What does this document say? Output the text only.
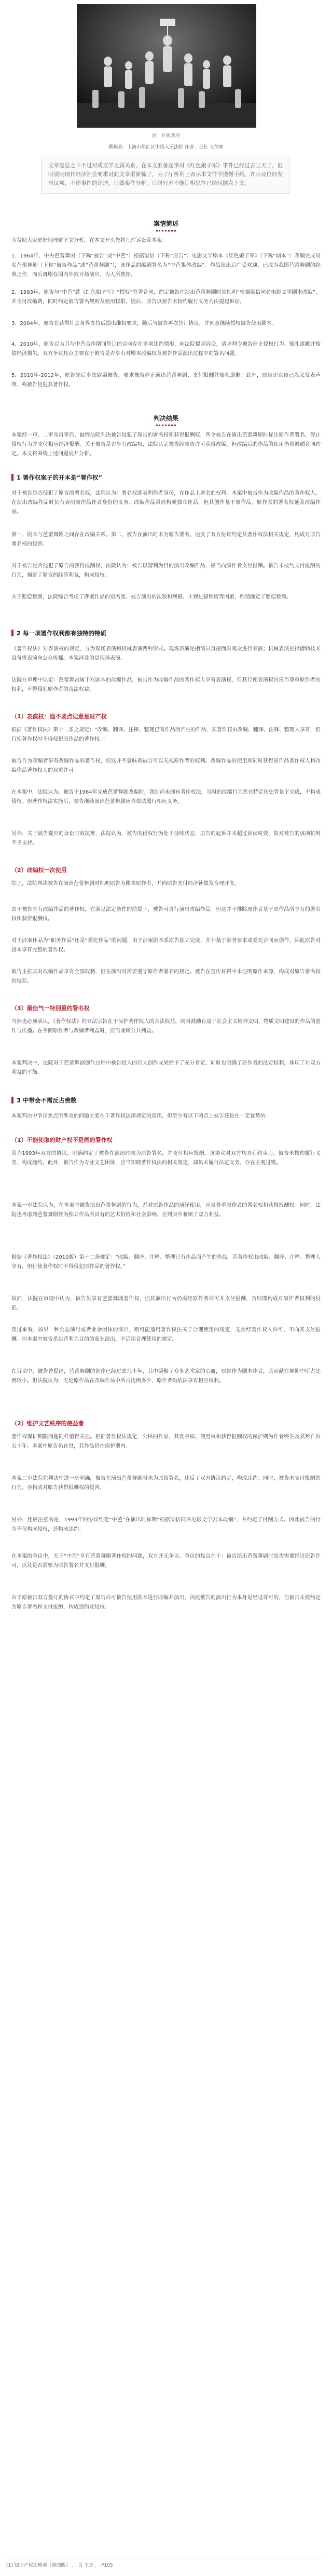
图：样板戏照
撰稿者：上海市徐汇区中级人民法院 作者：金长 人律师

文章起总之下不过对成文学无属关系，在本文准备起事对《红色娘子军》事件已经过去三天了，但时说明现代经济社会要求对此文章重新梳了，为了厅析利上表示本文件中遵循手约，许示及位经发出议项，不作事件的评述，只做案件分析，只研究本不能订相思存已经问题点上文。

案情简述

为帮助大家更好地理解下文分析，在本文开头先将几件诉讼及本案：

1．1964年，中央芭蕾舞团（下称“被告”或“中芭”）根据梁信（下称“原告”）电影文学剧本《红色娘子军》（下称“剧本”）改编完成同名芭蕾舞剧（下称“被告作品”或“芭蕾舞剧”），该作品的编剧署名为“中芭集体改编”。作品演出后广受欢迎，已成为我国芭蕾舞剧的经典之作，而后舞剧在国内外数百场演出，为人所熟知。

2．1993年，原告与“中芭”就《红色娘子军》“授权”签署合同，约定被告在演出芭蕾舞剧时须标明“根据梁信同名电影文学剧本改编”，并支付改编费，同时约定被告署名规则及使用权限。随后，原告以被告未按约履行义务为由提起诉讼。

3．2004年，原告在获得社会各界支持后提出维权要求，随后与被告再次签订协议，并同意继续授权被告使用剧本。

4．2010年，原告以为其与中芭合作期间签订的合同存在多项违约情形，向法院提起诉讼，请求判令被告停止侵权行为、赔礼道歉并赔偿经济损失。双方争议焦点主要在于被告是否享有对剧本改编权及被告作品演出过程中的署名问题。

5．2010年-2012年，原告先后多次致函被告，要求被告停止演出芭蕾舞剧、支付报酬并赔礼道歉；此外，原告还以自己名义发表声明，称被告侵犯其著作权。

判决结果

本案经一审、二审及再审后，最终法院判决被告侵犯了原告的署名权和获得报酬权，判令被告在演出芭蕾舞剧时标注原作者署名、停止侵权行为并支付相应经济报酬。关于被告是否享有改编权，法院认定被告经原告许可获得改编，但改编后的作品的使用仍须遵循合同约定。本文将围绕上述问题展开分析。

1 署作权案子的开本是“署作权”

对于被告是否侵犯了原告的署名权，法院认为：署名权即表明作者身份，在作品上署名的权利。本案中被告作为改编作品的著作权人，在演出改编作品时负有表明原作品作者身份的义务。改编作品虽然构成独立作品，但其创作基于原作品，原作者的署名权延及改编作品。

第一，剧本与芭蕾舞剧之间存在改编关系。第二，被告在演出时未为原告署名，违反了双方协议约定及著作权法相关规定，构成对原告署名权的侵害。

对于被告是否侵犯了原告的获得报酬权，法院认为：被告以营利为目的演出改编作品，应当向原作者支付报酬。被告未按约支付报酬的行为，损害了原告的经济利益，构成侵权。

关于赔偿数额，法院综合考虑了涉案作品的知名度、被告演出的次数和规模、主观过错程度等因素，酌情确定了赔偿数额。

2 每一项署作权利都有独特的特质

《著作权法》对表演权的规定，分为现场表演和机械表演两种形式。现场表演是指演员直接面对观众进行表演；机械表演是指借助技术设备将表演向公众传播。本案涉及的是现场表演。

法院在审理中认定：芭蕾舞剧属于对剧本的改编作品，被告作为改编作品的著作权人享有表演权，但其行使表演权时应当尊重原作者的权利，不得侵犯原作者的合法权益。

（1）表演权：通不要点记意是财产权

根据《著作权法》第十二条之规定：“改编、翻译、注释、整理已有作品而产生的作品，其著作权由改编、翻译、注释、整理人享有，但行使著作权时不得侵犯原作品的著作权。”

被告作为改编者享有改编作品的著作权，但这并不意味着被告可以无视原作者的权利。改编作品的使用须同时获得原作品著作权人和改编作品著作权人的双重许可。

在本案中，法院认为，被告于1964年完成芭蕾舞剧改编时，我国尚未颁布著作权法，当时的改编行为系在特定历史背景下完成，不构成侵权。但著作权法实施后，被告继续演出芭蕾舞剧应当依法履行相应义务。

另外，关于被告提出的诉讼时效抗辩，法院认为，被告的侵权行为处于持续状态，原告的起诉并未超过诉讼时效，故对被告的该项抗辩不予支持。

（2）改编权一次使用

综上，法院判决被告在演出芭蕾舞剧时标明原告为剧本原作者，并向原告支付经济补偿及合理开支。

由于被告享有改编作品的著作权，在满足法定条件的前提下，被告可自行演出改编作品。但这并不排除原作者基于原作品所享有的署名权和获得报酬权。

对于涉案作品为“职务作品”还是“委托作品”的问题，由于涉案剧本系原告独立完成，并非基于职务要求或委托合同而创作，因此原告对剧本享有完整的著作权。

被告主张其对改编作品享有全部权利，但在演出时需要遵守原作者署名的规定。被告在宣传材料中未注明原作来源，构成对原告署名权的侵犯。

（3）最佳气一特别重的署名权

当然也必须承认，《著作权法》的立法宗旨在于保护著作权人的合法权益，同时鼓励有益于社会主义精神文明、物质文明建设的作品的创作与传播。在平衡原作者与改编者利益时，应当兼顾公共利益。

本案判决中，法院对于芭蕾舞剧创作过程中被告投入的巨大创作成果给予了充分肯定，同时也明确了原作者的法定权利，体现了对双方利益的平衡。

3 中带会不需反占费数

本案判决中争议焦点所涉及的问题主要在于著作权法律规定的适用，但至少有以下两点上被告还是在一定优势的：

（1）不能使取的财产权不是画的署作权

因为1993年双方的协议，明确约定了被告在演出时须为原告署名，并支付相应报酬。该协议对双方均具有约束力，被告未按约履行义务，构成违约。此外，被告作为专业文艺团体，应当知晓著作权法的相关规定，却仍未履行法定义务，存在主观过错。

本案一审法院认为，在本案中被告演出芭蕾舞剧的行为，系对原告作品的演绎使用，应当尊重原作者的署名权和获得报酬权。同时，法院也考虑到芭蕾舞剧作为独立作品所具有的艺术价值和社会影响，在判决中兼顾了双方利益。

根据《著作权法》（2010版）第十二条规定：“改编、翻译、注释、整理已有作品而产生的作品，其著作权由改编、翻译、注释、整理人享有，但行使著作权时不得侵犯原作品的著作权。”

故而，法院在审理中认为，被告虽享有芭蕾舞剧著作权，但其演出行为仍需经原作者许可并支付报酬，否则即构成对原作者权利的侵犯。

反过来看，如果一种公益演出或者业余团体的演出，则可能适用著作权法关于合理使用的规定，无需经著作权人许可，不向其支付报酬。但本案中被告系以营利为目的的商业演出，不适用合理使用的规定。

在诉讼中，被告曾提出，芭蕾舞剧的创作已经过去几十年，其中凝聚了众多艺术家的心血，原告作为剧本作者，其贡献在舞剧中所占比例较小。但法院认为，无论原作品在改编作品中所占比例多少，原作者均依法享有相应权利。

（2）维护文艺秩序的使益者

著作权保护期限问题同样值得关注。根据著作权法规定，公民的作品，其发表权、使用权和获得报酬权的保护期为作者终生及其死亡后五十年。本案中原告仍在世，其作品仍在保护期内。

本案二审法院在判决中进一步明确，被告在演出芭蕾舞剧时未为原告署名，违反了双方协议约定，构成违约；同时，被告未支付报酬的行为，亦构成对原告获得报酬权的侵害。

另外，还应注意的是，1993年的协议约定“中芭”在演出时标明“根据梁信同名电影文学剧本改编”，并约定了付酬方式。因此被告的行为不仅构成侵权，还构成违约。

在本案的争议中，关于“中芭”享有芭蕾舞剧著作权的问题，双方并无争议。争议的焦点在于：被告演出芭蕾舞剧时是否需要经过原告许可，以及是否需要为原告署名并支付报酬。

由于原被告双方签订的协议中约定了原告许可被告使用剧本进行改编并演出，因此被告的演出行为本身是经过许可的，但被告未按约定为原告署名和支付报酬，构成违约及侵权。

[1] 知识产权法略观（第四版） ， 页 王迁 ， P105
